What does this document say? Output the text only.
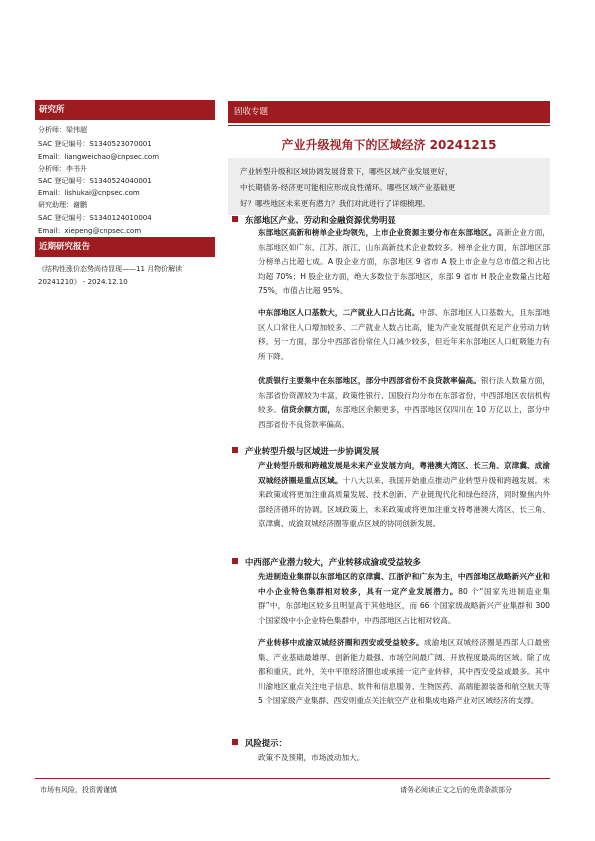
研究所
分析师：梁伟超
SAC 登记编号：S1340523070001
Email：liangweichao@cnpsec.com
分析师：李书升
SAC 登记编号：S1340524040001
Email：lishukai@cnpsec.com
研究助理：谢鹏
SAC 登记编号：S1340124010004
Email：xiepeng@cnpsec.com
近期研究报告
《结构性涨价态势尚待显现——11 月物价解读 20241210》 - 2024.12.10
固收专题
产业升级视角下的区域经济 20241215

产业转型升级和区域协调发展背景下，哪些区域产业发展更好，

中长期债务-经济更可能相应形成良性循环。哪些区域产业基础更

好？哪些地区未来更有潜力？我们对此进行了详细梳理。

东部地区产业、劳动和金融资源优势明显
东部地区高新和榜单企业均领先，上市企业资源主要分布在东部地区。高新企业方面，东部地区如广东、江苏、浙江、山东高新技术企业数较多。榜单企业方面，东部地区部分榜单占比超七成。A 股企业方面，东部地区 9 省市 A 股上市企业与总市值之和占比均超 70%；H 股企业方面，绝大多数位于东部地区，东部 9 省市 H 股企业数量占比超 75%，市值占比超 95%。
中东部地区人口基数大，二产就业人口占比高。中部、东部地区人口基数大，且东部地区人口常住人口增加较多、二产就业人数占比高，能为产业发展提供充足产业劳动力转移。另一方面，部分中西部省份常住人口减少较多，但近年来东部地区人口虹吸能力有所下降。
优质银行主要集中在东部地区，部分中西部省份不良贷款率偏高。银行法人数量方面，东部省份资源较为丰富，政策性银行、国股行均分布在东部省份，中西部地区农信机构较多。信贷余额方面，东部地区余额更多，中西部地区仅四川在 10 万亿以上，部分中西部省份不良贷款率偏高。
产业转型升级与区域进一步协调发展
产业转型升级和跨越发展是未来产业发展方向，粤港澳大湾区、长三角、京津冀、成渝双城经济圈是重点区域。十八大以来，我国开始重点推动产业转型升级和跨越发展。未来政策或将更加注重高质量发展、技术创新、产业链现代化和绿色经济，同时聚焦内外部经济循环的协调。区域政策上，未来政策或将更加注重支持粤港澳大湾区、长三角、京津冀、成渝双城经济圈等重点区域的协同创新发展。
中西部产业潜力较大，产业转移成渝或受益较多
先进制造业集群以东部地区的京津冀、江浙沪和广东为主，中西部地区战略新兴产业和中小企业特色集群相对较多，具有一定产业发展潜力。80 个“国家先进制造业集群”中，东部地区较多且明显高于其他地区，而 66 个国家级战略新兴产业集群和 300 个国家级中小企业特色集群中，中西部地区占比相对较高。
产业转移中成渝双城经济圈和西安或受益较多。成渝地区双城经济圈是西部人口最密集、产业基础最雄厚、创新能力最强、市场空间最广阔、开放程度最高的区域。除了成都和重庆，此外，关中平原经济圈也或承接一定产业转移，其中西安受益或最多。其中川渝地区重点关注电子信息、软件和信息服务、生物医药、高端能源装备和航空航天等 5 个国家级产业集群、西安则重点关注航空产业和集成电路产业对区域经济的支撑。
风险提示：
政策不及预期，市场波动加大。
市场有风险，投资需谨慎	请务必阅读正文之后的免责条款部分
